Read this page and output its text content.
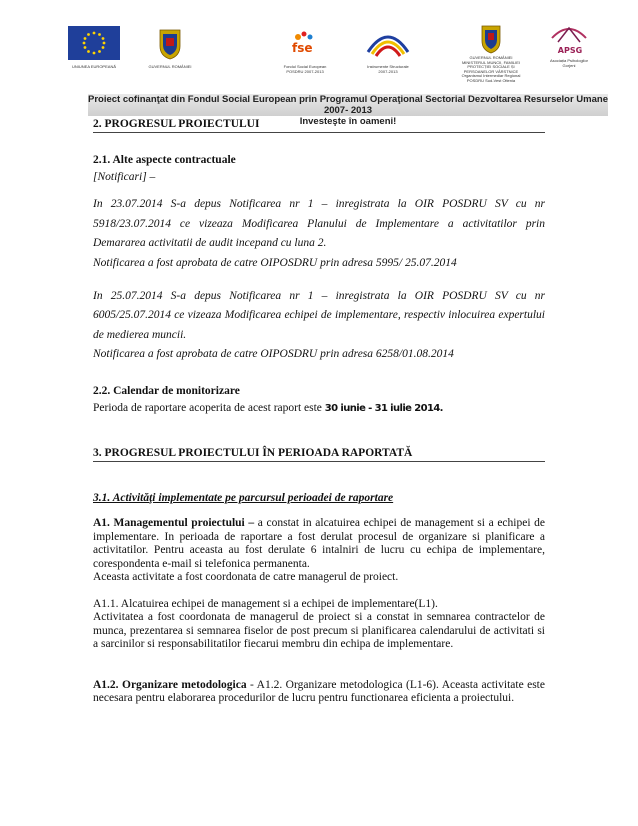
UNIUNEA EUROPEANĂ	GUVERNUL ROMÂNIEI
fse
Fondul Social European
POSDRU 2007-2013
Instrumente Structurale
2007-2013
GUVERNUL ROMÂNIEI
MINISTERUL MUNCII, FAMILIEI
PROTECȚIEI SOCIALE ȘI
PERSOANELOR VÂRSTNICE
Organismul Intermediar Regional
POSDRU Sud-Vest Oltenia
APSG
Asociația Psihologilor
Gorjeni
Proiect cofinanţat din Fondul Social European prin Programul Operaţional Sectorial Dezvoltarea Resurselor Umane 2007- 2013
Investeşte în oameni!
2. PROGRESUL PROIECTULUI
2.1. Alte aspecte contractuale

[Notificari] –

In 23.07.2014 S-a depus Notificarea nr 1 – inregistrata la OIR POSDRU SV cu nr 5918/23.07.2014 ce vizeaza Modificarea Planului de Implementare a activitatilor prin Demararea activitatii de audit incepand cu luna 2.

Notificarea a fost aprobata de catre OIPOSDRU prin adresa 5995/ 25.07.2014

In 25.07.2014 S-a depus Notificarea nr 1 – inregistrata la OIR POSDRU SV cu nr 6005/25.07.2014 ce vizeaza Modificarea echipei de implementare, respectiv inlocuirea expertului de medierea muncii.

Notificarea a fost aprobata de catre OIPOSDRU prin adresa 6258/01.08.2014

2.2. Calendar de monitorizare

Perioda de raportare acoperita de acest raport este 30 iunie - 31 iulie 2014.

3. PROGRESUL PROIECTULUI ÎN PERIOADA RAPORTATĂ
3.1. Activităţi implementate pe parcursul perioadei de raportare

A1. Managementul proiectului – a constat in alcatuirea echipei de management si a echipei de implementare. In perioada de raportare a fost derulat procesul de organizare si planificare a activitatilor. Pentru aceasta au fost derulate 6 intalniri de lucru cu echipa de implementare, corespondenta e-mail si telefonica permanenta.

Aceasta activitate a fost coordonata de catre managerul de proiect.

A1.1. Alcatuirea echipei de management si a echipei de implementare(L1).

Activitatea a fost coordonata de managerul de proiect si a constat in semnarea contractelor de munca, prezentarea si semnarea fiselor de post precum si planificarea calendarului de activitati si a sarcinilor si responsabilitatilor fiecarui membru din echipa de implementare.

A1.2. Organizare metodologica - A1.2. Organizare metodologica (L1-6). Aceasta activitate este necesara pentru elaborarea procedurilor de lucru pentru functionarea eficienta a proiectului.
